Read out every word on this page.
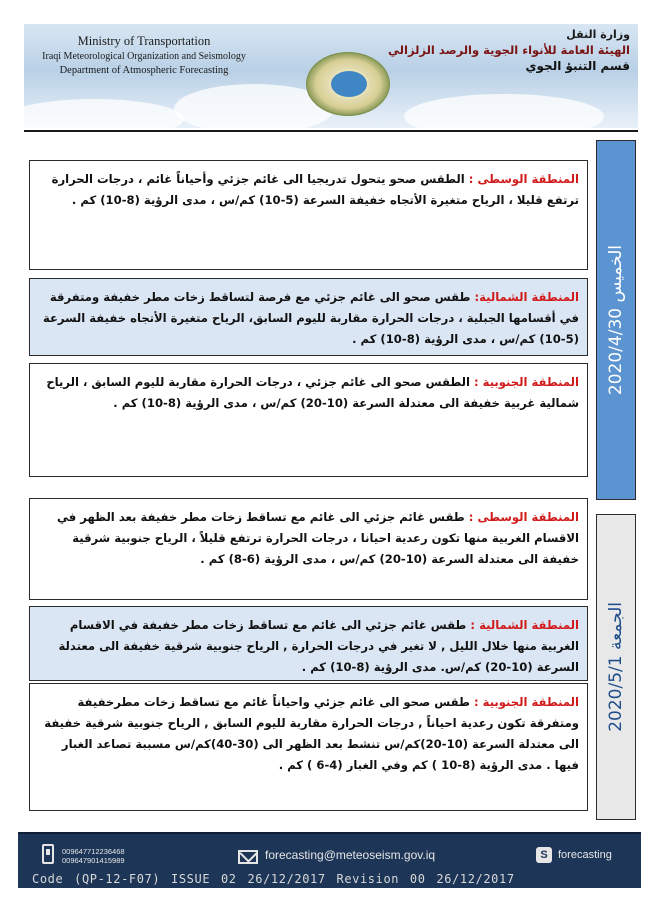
Ministry of Transportation
Iraqi Meteorological Organization and Seismology
Department of Atmospheric Forecasting
وزارة النقل
الهيئة العامة للأنواء الجوية والرصد الزلزالي
قسم التنبؤ الجوي
المنطقة الوسطى : الطقس صحو يتحول تدريجيا الى غائم جزئي وأحياناً غائم ، درجات الحرارة ترتفع قليلا ، الرياح متغيرة الأتجاه خفيفة السرعة (5-10) كم/س ، مدى الرؤية (8-10) كم .
المنطقة الشمالية: طقس صحو الى غائم جزئي مع فرصة لتساقط زخات مطر خفيفة ومتفرقة في أقسامها الجبلية ، درجات الحرارة مقاربة لليوم السابق، الرياح متغيرة الأتجاه خفيفة السرعة (5-10) كم/س ، مدى الرؤية (8-10) كم .
المنطقة الجنوبية : الطقس صحو الى غائم جزئي ، درجات الحرارة مقاربة لليوم السابق ، الرياح شمالية غربية خفيفة الى معتدلة السرعة (10-20) كم/س ، مدى الرؤية (8-10) كم .
الخميس 2020/4/30
المنطقة الوسطى : طقس غائم جزئي الى غائم مع تساقط زخات مطر خفيفة بعد الظهر في الاقسام الغربية منها تكون رعدية احيانا ، درجات الحرارة ترتفع قليلاً ، الرياح جنوبية شرقية خفيفة الى معتدلة السرعة (10-20) كم/س ، مدى الرؤية (6-8) كم .
المنطقة الشمالية : طقس غائم جزئي الى غائم مع تساقط زخات مطر خفيفة في الاقسام الغربية منها خلال الليل , لا تغير في درجات الحرارة , الرياح جنوبية شرقية خفيفة الى معتدلة السرعة (10-20) كم/س. مدى الرؤية (8-10) كم .
المنطقة الجنوبية : طقس صحو الى غائم جزئي واحياناً غائم مع تساقط زخات مطرخفيفة ومتفرقة تكون رعدية احياناً , درجات الحرارة مقاربة لليوم السابق , الرياح جنوبية شرقية خفيفة الى معتدلة السرعة (10-20)كم/س تنشط بعد الظهر الى (30-40)كم/س مسببة تصاعد الغبار فيها . مدى الرؤية (8-10 ) كم وفي الغبار (4-6 ) كم .
الجمعة 2020/5/1
009647712236468
009647901415989	forecasting@meteoseism.gov.iq	S forecasting
Code (QP-12-F07) ISSUE 02 26/12/2017 Revision 00 26/12/2017
